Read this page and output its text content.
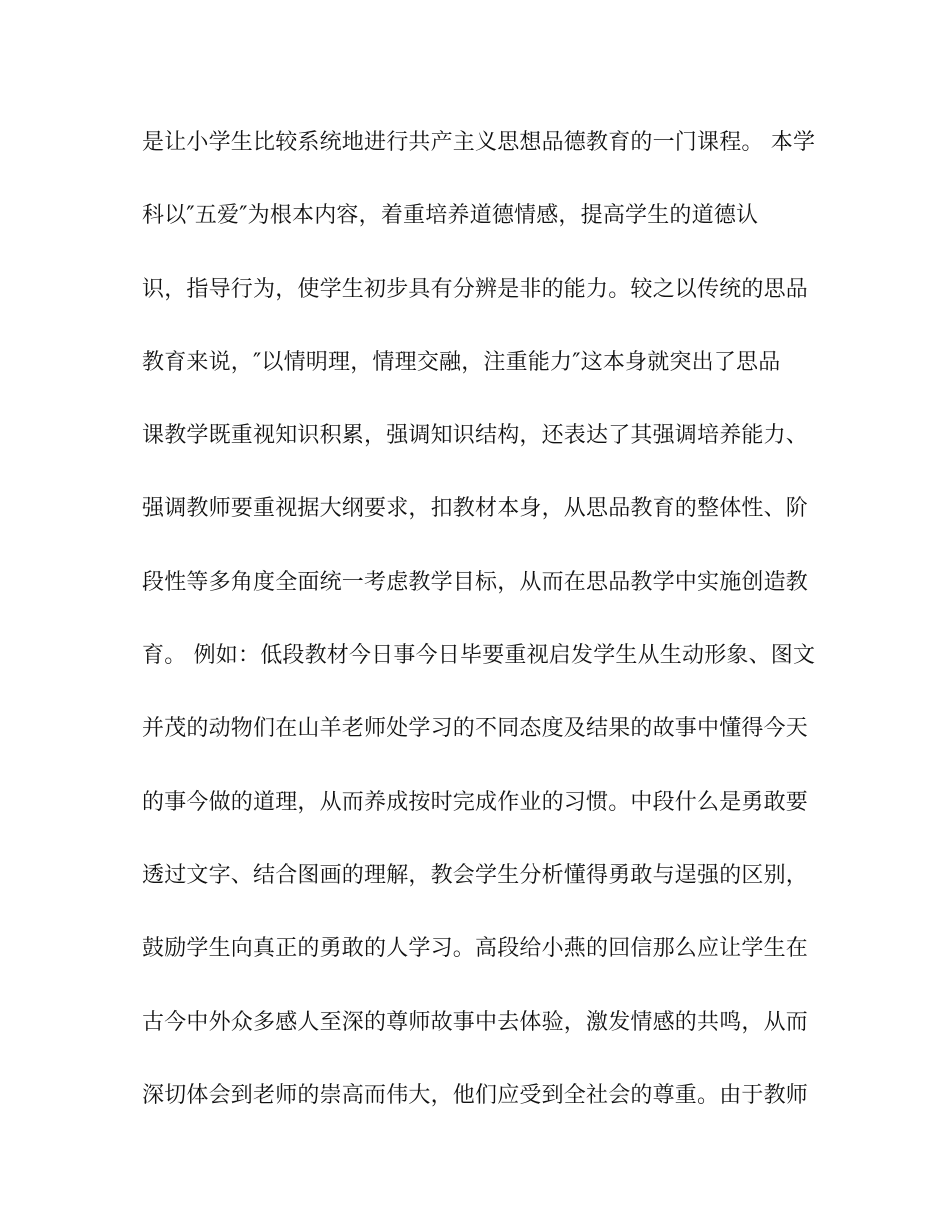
是让小学生比较系统地进行共产主义思想品德教育的一门课程。 本学
科以″五爱″为根本内容，着重培养道德情感，提高学生的道德认
识，指导行为，使学生初步具有分辨是非的能力。较之以传统的思品
教育来说，″以情明理，情理交融，注重能力″这本身就突出了思品
课教学既重视知识积累，强调知识结构，还表达了其强调培养能力、
强调教师要重视据大纲要求，扣教材本身，从思品教育的整体性、阶
段性等多角度全面统一考虑教学目标，从而在思品教学中实施创造教
育。 例如：低段教材今日事今日毕要重视启发学生从生动形象、图文
并茂的动物们在山羊老师处学习的不同态度及结果的故事中懂得今天
的事今做的道理，从而养成按时完成作业的习惯。中段什么是勇敢要
透过文字、结合图画的理解，教会学生分析懂得勇敢与逞强的区别，
鼓励学生向真正的勇敢的人学习。高段给小燕的回信那么应让学生在
古今中外众多感人至深的尊师故事中去体验，激发情感的共鸣，从而
深切体会到老师的崇高而伟大，他们应受到全社会的尊重。由于教师
